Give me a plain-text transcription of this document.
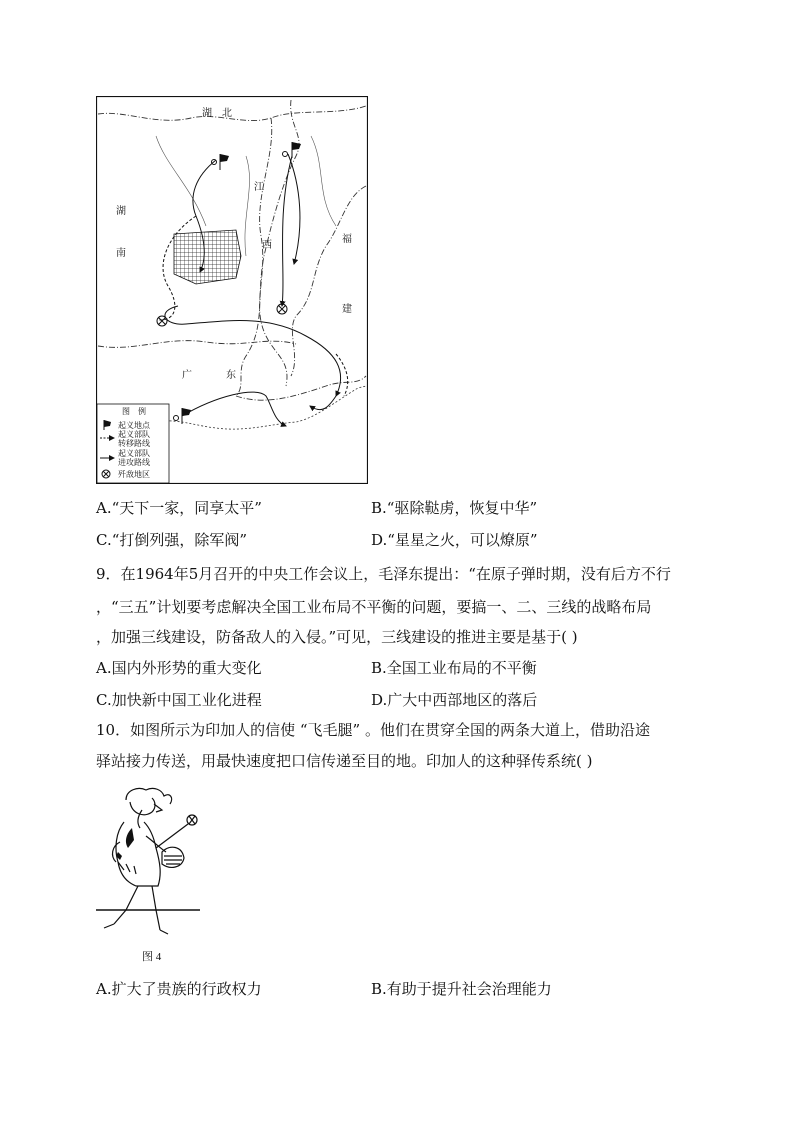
湖　北
湖
南
江
西
福
建
广	东
图　例
起义地点
起义部队
转移路线
起义部队
进攻路线
歼敌地区
A.“天下一家，同享太平”	B.“驱除鞑虏，恢复中华”
C.“打倒列强，除军阀”	D.“星星之火，可以燎原”
9．在1964年5月召开的中央工作会议上，毛泽东提出：“在原子弹时期，没有后方不行
，“三五”计划要考虑解决全国工业布局不平衡的问题，要搞一、二、三线的战略布局
，加强三线建设，防备敌人的入侵。”可见，三线建设的推进主要是基于( )
A.国内外形势的重大变化	B.全国工业布局的不平衡
C.加快新中国工业化进程	D.广大中西部地区的落后
10．如图所示为印加人的信使 “飞毛腿” 。他们在贯穿全国的两条大道上，借助沿途
驿站接力传送，用最快速度把口信传递至目的地。印加人的这种驿传系统( )
图 4
A.扩大了贵族的行政权力	B.有助于提升社会治理能力
